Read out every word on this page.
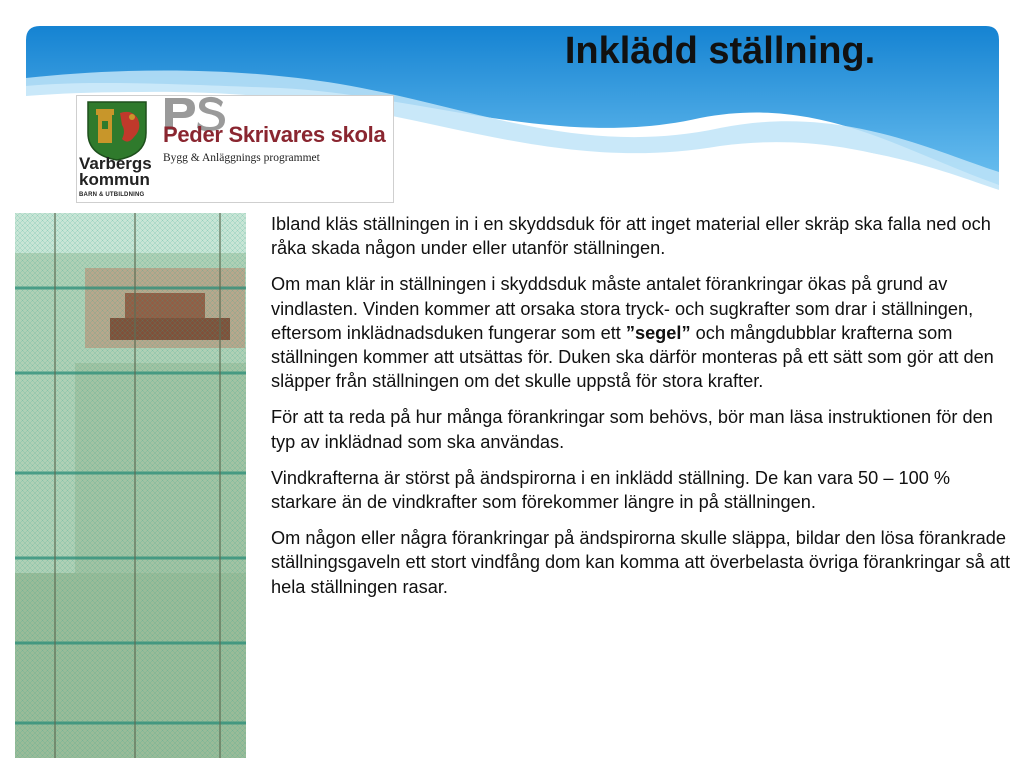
Inklädd ställning.
Varbergs
kommun
BARN & UTBILDNING
Peder Skrivares skola
Bygg & Anläggnings programmet

Ibland kläs ställningen in i en skyddsduk för att inget material eller skräp ska falla ned och råka skada någon under eller utanför ställningen.

Om man klär in ställningen i skyddsduk måste antalet förankringar ökas på grund av vindlasten. Vinden kommer att orsaka stora tryck- och sugkrafter som drar i ställningen, eftersom inklädnadsduken fungerar som ett ”segel” och mångdubblar krafterna som ställningen kommer att utsättas för. Duken ska därför monteras på ett sätt som gör att den släpper från ställningen om det skulle uppstå för stora krafter.

För att ta reda på hur många förankringar som behövs, bör man läsa instruktionen för den typ av inklädnad som ska användas.

Vindkrafterna är störst på ändspirorna i en inklädd ställning. De kan vara 50 – 100 % starkare än de vindkrafter som förekommer längre in på ställningen.

Om någon eller några förankringar på ändspirorna skulle släppa, bildar den lösa förankrade ställningsgaveln ett stort vindfång dom kan komma att överbelasta övriga förankringar så att hela ställningen rasar.
